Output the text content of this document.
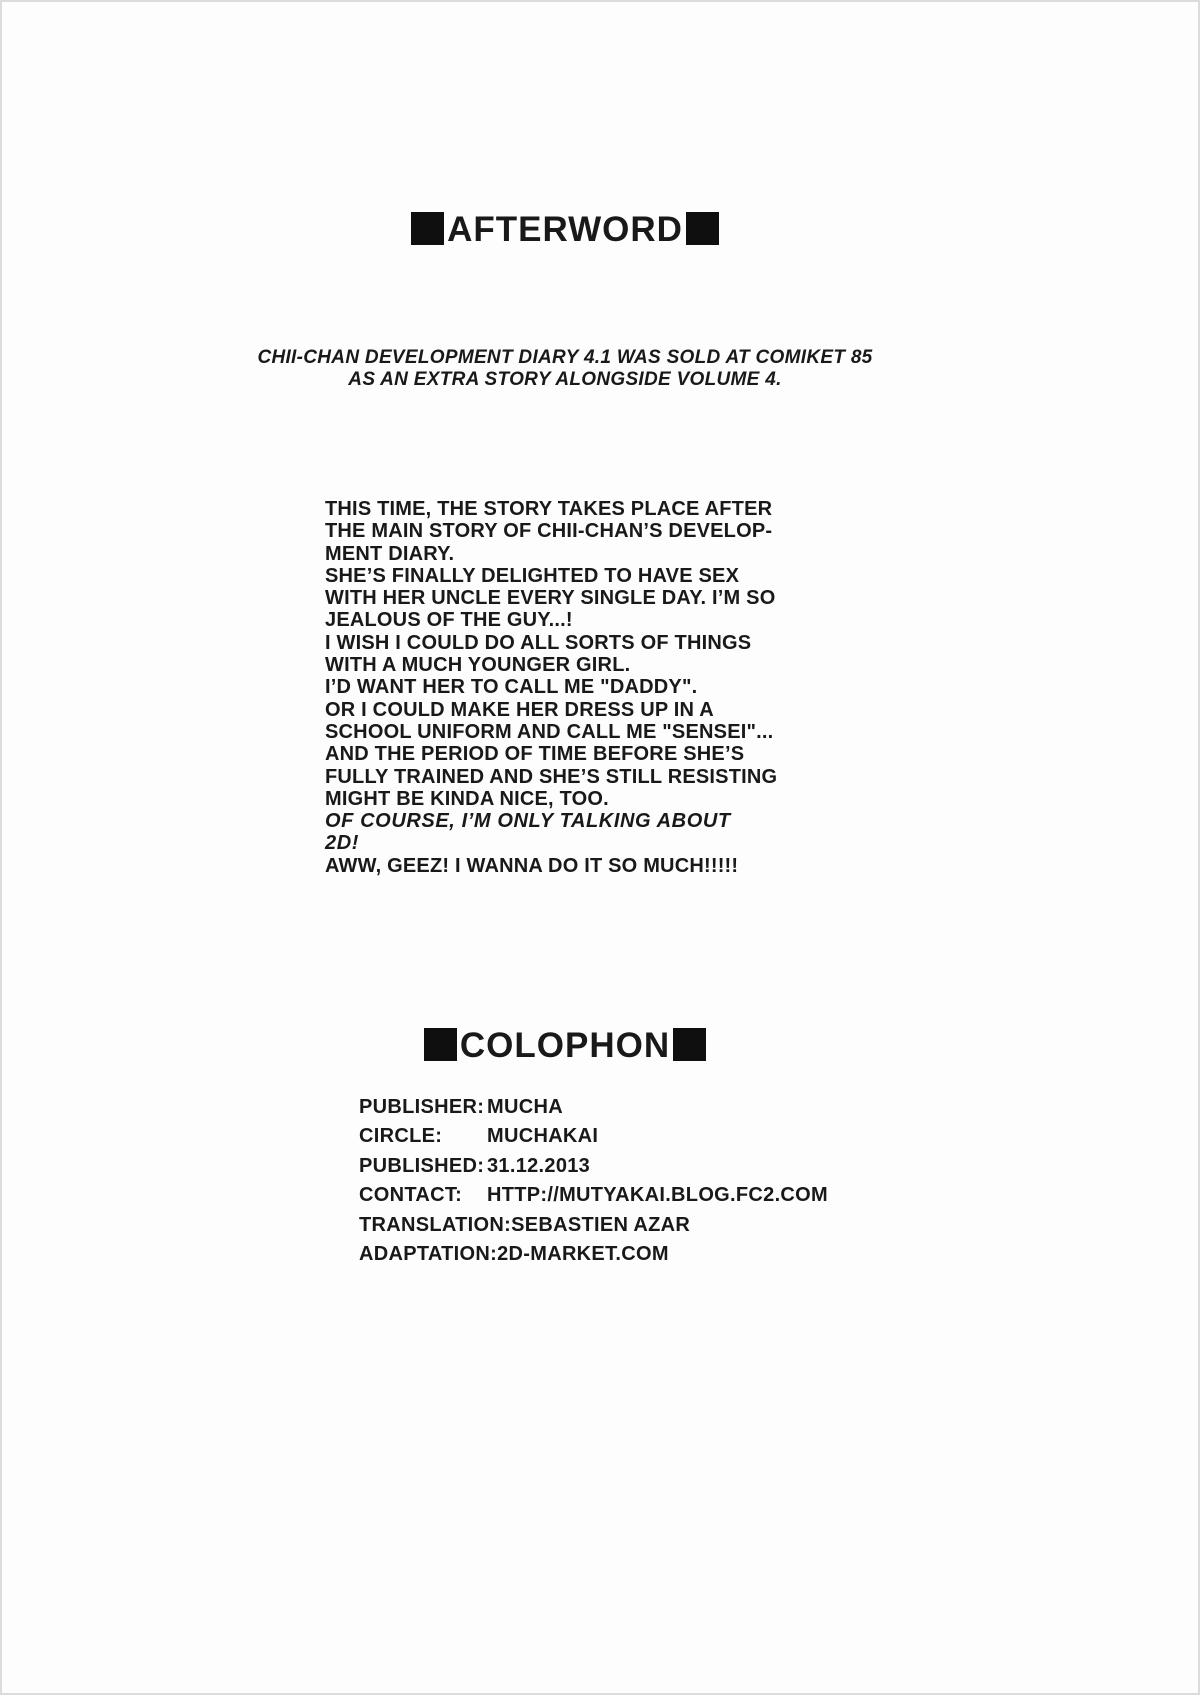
AFTERWORD
CHII-CHAN DEVELOPMENT DIARY 4.1 WAS SOLD AT COMIKET 85
AS AN EXTRA STORY ALONGSIDE VOLUME 4.
THIS TIME, THE STORY TAKES PLACE AFTER
THE MAIN STORY OF CHII-CHAN’S DEVELOP-
MENT DIARY.
SHE’S FINALLY DELIGHTED TO HAVE SEX
WITH HER UNCLE EVERY SINGLE DAY. I’M SO
JEALOUS OF THE GUY...!
I WISH I COULD DO ALL SORTS OF THINGS
WITH A MUCH YOUNGER GIRL.
I’D WANT HER TO CALL ME "DADDY".
OR I COULD MAKE HER DRESS UP IN A
SCHOOL UNIFORM AND CALL ME "SENSEI"...
AND THE PERIOD OF TIME BEFORE SHE’S
FULLY TRAINED AND SHE’S STILL RESISTING
MIGHT BE KINDA NICE, TOO.
OF COURSE, I’M ONLY TALKING ABOUT
2D!
AWW, GEEZ! I WANNA DO IT SO MUCH!!!!!
COLOPHON
PUBLISHER: MUCHA
CIRCLE: MUCHAKAI
PUBLISHED: 31.12.2013
CONTACT: HTTP://MUTYAKAI.BLOG.FC2.COM
TRANSLATION:SEBASTIEN AZAR
ADAPTATION:2D-MARKET.COM
